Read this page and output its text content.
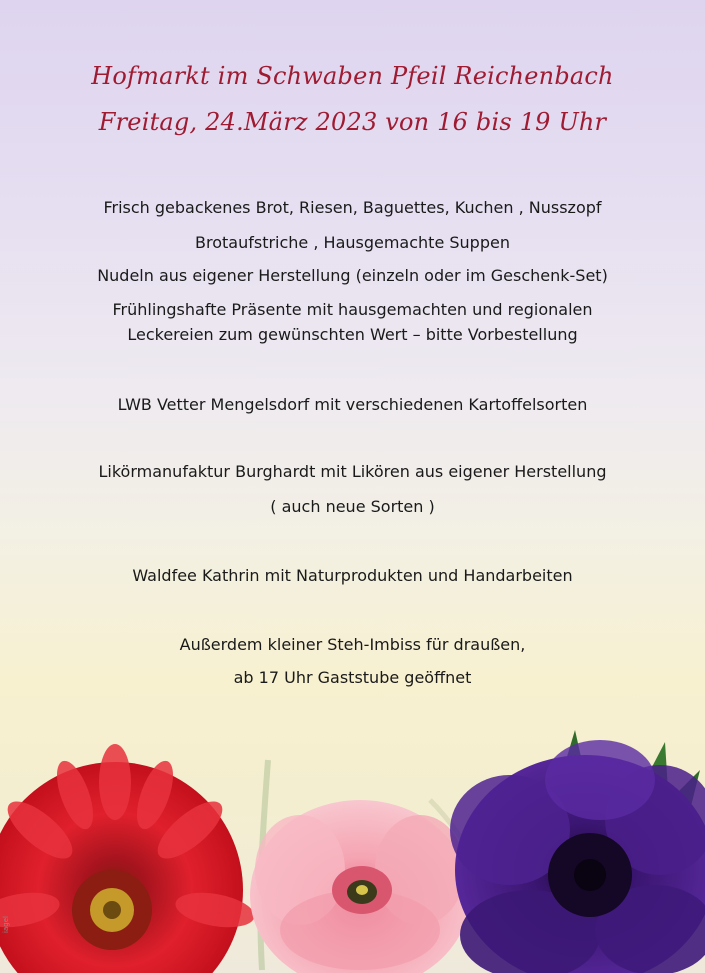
Hofmarkt im Schwaben Pfeil Reichenbach
Freitag, 24.März 2023 von 16 bis 19 Uhr
Frisch gebackenes Brot, Riesen, Baguettes, Kuchen , Nusszopf
Brotaufstriche , Hausgemachte Suppen
Nudeln aus eigener Herstellung (einzeln oder im Geschenk-Set)
Frühlingshafte Präsente mit hausgemachten und regionalen
Leckereien zum gewünschten Wert – bitte Vorbestellung
LWB Vetter Mengelsdorf mit verschiedenen Kartoffelsorten
Likörmanufaktur Burghardt mit Likören aus eigener Herstellung
( auch neue Sorten )
Waldfee Kathrin mit Naturprodukten und Handarbeiten
Außerdem kleiner Steh-Imbiss für draußen,
ab 17 Uhr Gaststube geöffnet
iagel
